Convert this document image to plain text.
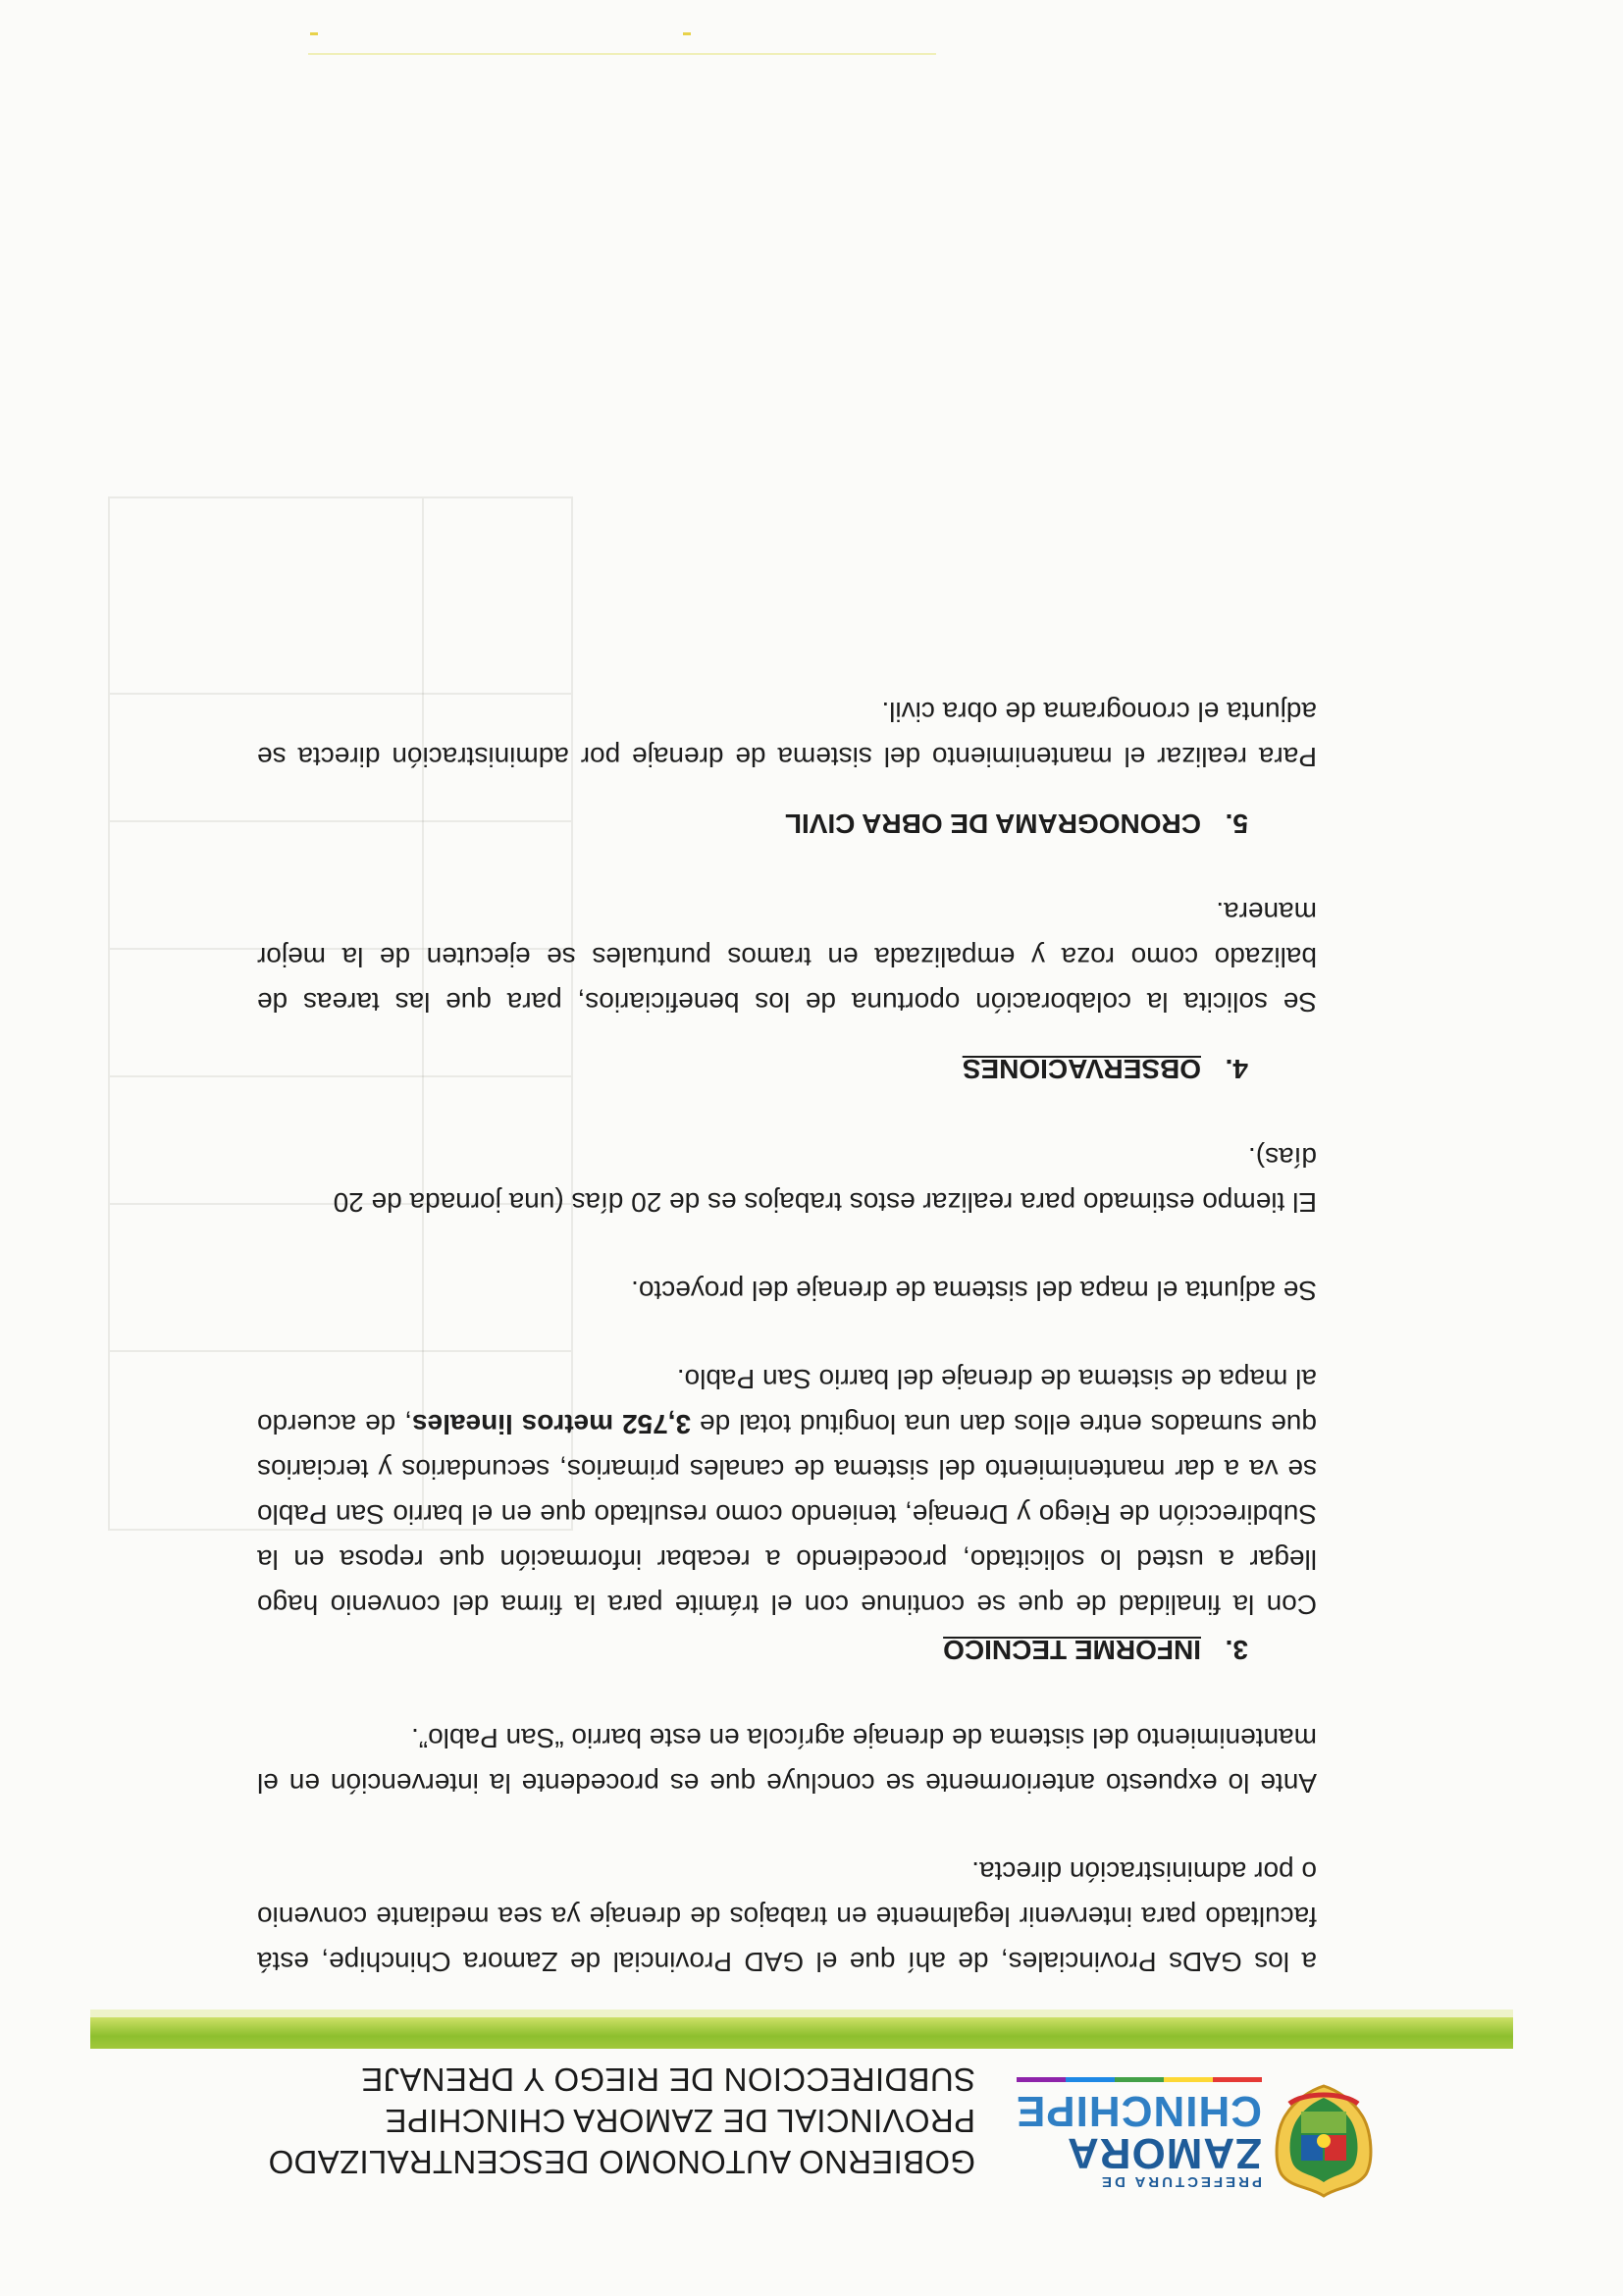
PREFECTURA DE
ZAMORA
CHINCHIPE
GOBIERNO AUTONOMO DESCENTRALIZADO
PROVINCIAL DE ZAMORA CHINCHIPE
SUBDIRECCION DE RIEGO Y DRENAJE

a los GADs Provinciales, de ahí que el GAD Provincial de Zamora Chinchipe, está facultado para intervenir legalmente en trabajos de drenaje ya sea mediante convenio o por administración directa.

Ante lo expuesto anteriormente se concluye que es procedente la intervención en el mantenimiento del sistema de drenaje agrícola en este barrio “San Pablo”.

3.INFORME TECNICO

Con la finalidad de que se continue con el trámite para la firma del convenio hago llegar a usted lo solicitado, procediendo a recabar información que reposa en la Subdirección de Riego y Drenaje, teniendo como resultado que en el barrio San Pablo se va a dar mantenimiento del sistema de canales primarios, secundarios y terciarios que sumados entre ellos dan una longitud total de 3,752 metros lineales, de acuerdo al mapa de sistema de drenaje del barrio San Pablo.

Se adjunta el mapa del sistema de drenaje del proyecto.

El tiempo estimado para realizar estos trabajos es de 20 días (una jornada de 20 días).

4.OBSERVACIONES

Se solicita la colaboración oportuna de los beneficiarios, para que las tareas de balizado como roza y empalizada en tramos puntuales se ejecuten de la mejor manera.

5.CRONOGRAMA DE OBRA CIVIL

Para realizar el mantenimiento del sistema de drenaje por administración directa se adjunta el cronograma de obra civil.
